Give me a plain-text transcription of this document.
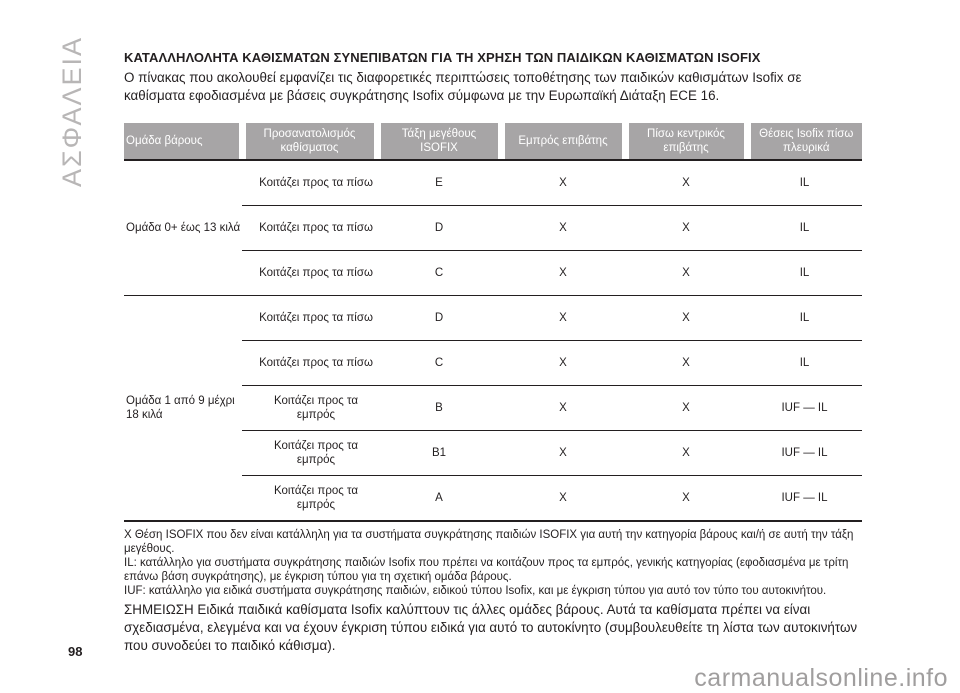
ΑΣΦΑΛΕΙΑ	ΚΑΤΑΛΛΗΛΟΛΗΤΑ ΚΑΘΙΣΜΑΤΩΝ ΣΥΝΕΠΙΒΑΤΩΝ ΓΙΑ ΤΗ ΧΡΗΣΗ ΤΩΝ ΠΑΙΔΙΚΩΝ ΚΑΘΙΣΜΑΤΩΝ ISOFIX
Ο πίνακας που ακολουθεί εμφανίζει τις διαφορετικές περιπτώσεις τοποθέτησης των παιδικών καθισμάτων Isofix σε καθίσματα εφοδιασμένα με βάσεις συγκράτησης Isofix σύμφωνα με την Ευρωπαϊκή Διάταξη ECE 16.
Ομάδα βάρους	Προσανατολισμός καθίσματος	Τάξη μεγέθους ISOFIX	Εμπρός επιβάτης	Πίσω κεντρικός επιβάτης	Θέσεις Isofix πίσω πλευρικά

Ομάδα 0+ έως 13 κιλά	Κοιτάζει προς τα πίσω	E	X	X	IL
	Κοιτάζει προς τα πίσω	D	X	X	IL
	Κοιτάζει προς τα πίσω	C	X	X	IL
Ομάδα 1 από 9 μέχρι 18 κιλά	Κοιτάζει προς τα πίσω	D	X	X	IL
	Κοιτάζει προς τα πίσω	C	X	X	IL
	Κοιτάζει προς τα εμπρός	B	X	X	IUF — IL
	Κοιτάζει προς τα εμπρός	B1	X	X	IUF — IL
	Κοιτάζει προς τα εμπρός	A	X	X	IUF — IL

X Θέση ISOFIX που δεν είναι κατάλληλη για τα συστήματα συγκράτησης παιδιών ISOFIX για αυτή την κατηγορία βάρους και/ή σε αυτή την τάξη μεγέθους.

IL: κατάλληλο για συστήματα συγκράτησης παιδιών Isofix που πρέπει να κοιτάζουν προς τα εμπρός, γενικής κατηγορίας (εφοδιασμένα με τρίτη επάνω βάση συγκράτησης), με έγκριση τύπου για τη σχετική ομάδα βάρους.

IUF: κατάλληλο για ειδικά συστήματα συγκράτησης παιδιών, ειδικού τύπου Isofix, και με έγκριση τύπου για αυτό τον τύπο του αυτοκινήτου.

ΣΗΜΕΙΩΣΗ Ειδικά παιδικά καθίσματα Isofix καλύπτουν τις άλλες ομάδες βάρους. Αυτά τα καθίσματα πρέπει να είναι σχεδιασμένα, ελεγμένα και να έχουν έγκριση τύπου ειδικά για αυτό το αυτοκίνητο (συμβουλευθείτε τη λίστα των αυτοκινήτων που συνοδεύει το παιδικό κάθισμα).
98
carmanualsonline.info
